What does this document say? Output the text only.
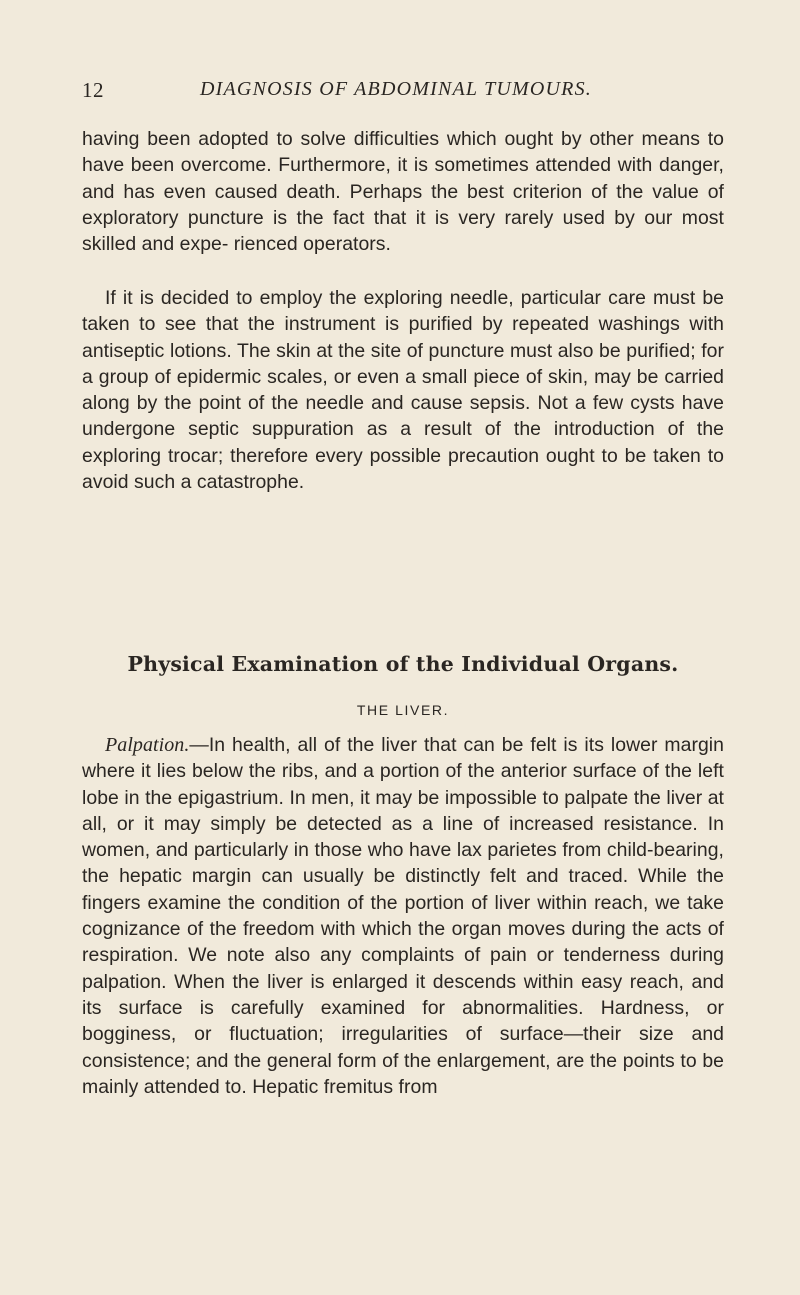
12	DIAGNOSIS OF ABDOMINAL TUMOURS.

having been adopted to solve difficulties which ought by other means to have been overcome. Furthermore, it is sometimes attended with danger, and has even caused death. Perhaps the best criterion of the value of exploratory puncture is the fact that it is very rarely used by our most skilled and expe- rienced operators.

If it is decided to employ the exploring needle, particular care must be taken to see that the instrument is purified by repeated washings with antiseptic lotions. The skin at the site of puncture must also be purified; for a group of epidermic scales, or even a small piece of skin, may be carried along by the point of the needle and cause sepsis. Not a few cysts have undergone septic suppuration as a result of the introduction of the exploring trocar; therefore every possible precaution ought to be taken to avoid such a catastrophe.

Physical Examination of the Individual Organs.
THE LIVER.

Palpation.—In health, all of the liver that can be felt is its lower margin where it lies below the ribs, and a portion of the anterior surface of the left lobe in the epigastrium. In men, it may be impossible to palpate the liver at all, or it may simply be detected as a line of increased resistance. In women, and particularly in those who have lax parietes from child-bearing, the hepatic margin can usually be distinctly felt and traced. While the fingers examine the condition of the portion of liver within reach, we take cognizance of the freedom with which the organ moves during the acts of respiration. We note also any complaints of pain or tenderness during palpation. When the liver is enlarged it descends within easy reach, and its surface is carefully examined for abnormalities. Hardness, or bogginess, or fluctuation; irregularities of surface—their size and consistence; and the general form of the enlargement, are the points to be mainly attended to. Hepatic fremitus from
